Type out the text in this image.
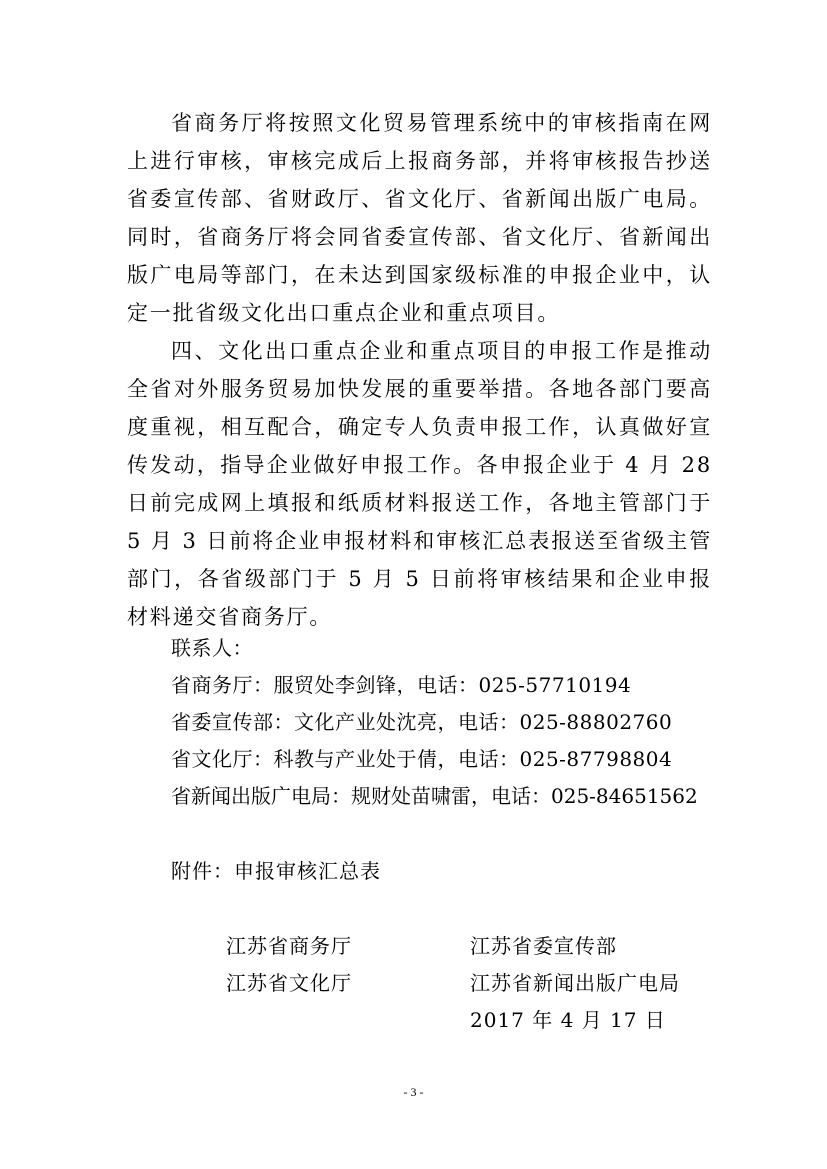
省商务厅将按照文化贸易管理系统中的审核指南在网上进行审核，审核完成后上报商务部，并将审核报告抄送省委宣传部、省财政厅、省文化厅、省新闻出版广电局。同时，省商务厅将会同省委宣传部、省文化厅、省新闻出版广电局等部门，在未达到国家级标准的申报企业中，认定一批省级文化出口重点企业和重点项目。

四、文化出口重点企业和重点项目的申报工作是推动全省对外服务贸易加快发展的重要举措。各地各部门要高度重视，相互配合，确定专人负责申报工作，认真做好宣传发动，指导企业做好申报工作。各申报企业于 4 月 28 日前完成网上填报和纸质材料报送工作，各地主管部门于 5 月 3 日前将企业申报材料和审核汇总表报送至省级主管部门，各省级部门于 5 月 5 日前将审核结果和企业申报材料递交省商务厅。

联系人：

省商务厅：服贸处李剑锋，电话：025-57710194

省委宣传部：文化产业处沈亮，电话：025-88802760

省文化厅：科教与产业处于倩，电话：025-87798804

省新闻出版广电局：规财处苗啸雷，电话：025-84651562

附件：申报审核汇总表

江苏省商务厅

江苏省文化厅

江苏省委宣传部

江苏省新闻出版广电局

2017 年 4 月 17 日

- 3 -
